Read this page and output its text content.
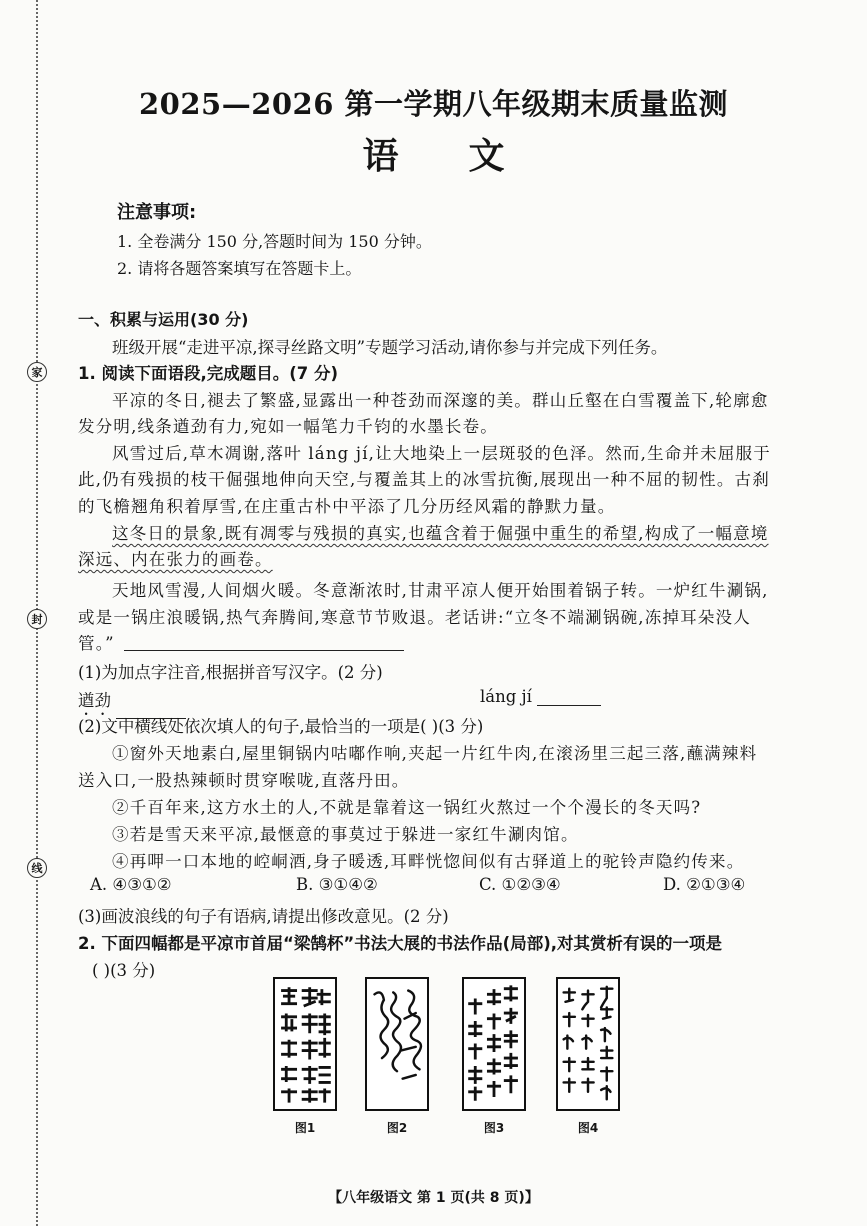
家
封
线
2025—2026 第一学期八年级期末质量监测
语文
注意事项:
1. 全卷满分 150 分,答题时间为 150 分钟。
2. 请将各题答案填写在答题卡上。
一、积累与运用(30 分)
班级开展“走进平凉,探寻丝路文明”专题学习活动,请你参与并完成下列任务。
1. 阅读下面语段,完成题目。(7 分)
平凉的冬日,褪去了繁盛,显露出一种苍劲而深邃的美。群山丘壑在白雪覆盖下,轮廓愈
发分明,线条遒劲有力,宛如一幅笔力千钧的水墨长卷。
风雪过后,草木凋谢,落叶 láng jí,让大地染上一层斑驳的色泽。然而,生命并未屈服于
此,仍有残损的枝干倔强地伸向天空,与覆盖其上的冰雪抗衡,展现出一种不屈的韧性。古刹
的飞檐翘角积着厚雪,在庄重古朴中平添了几分历经风霜的静默力量。
这冬日的景象,既有凋零与残损的真实,也蕴含着于倔强中重生的希望,构成了一幅意境
深远、内在张力的画卷。
天地风雪漫,人间烟火暖。冬意渐浓时,甘肃平凉人便开始围着锅子转。一炉红牛涮锅,
或是一锅庄浪暖锅,热气奔腾间,寒意节节败退。老话讲:“立冬不端涮锅碗,冻掉耳朵没人
管。”
(1)为加点字注音,根据拼音写汉字。(2 分)
遒劲	láng jí
(2)文中横线处依次填人的句子,最恰当的一项是( )(3 分)
①窗外天地素白,屋里铜锅内咕嘟作响,夹起一片红牛肉,在滚汤里三起三落,蘸满辣料
送入口,一股热辣顿时贯穿喉咙,直落丹田。
②千百年来,这方水土的人,不就是靠着这一锅红火熬过一个个漫长的冬天吗?
③若是雪天来平凉,最惬意的事莫过于躲进一家红牛涮肉馆。
④再呷一口本地的崆峒酒,身子暖透,耳畔恍惚间似有古驿道上的驼铃声隐约传来。
A. ④③①②	B. ③①④②	C. ①②③④	D. ②①③④
(3)画波浪线的句子有语病,请提出修改意见。(2 分)
2. 下面四幅都是平凉市首届“梁鹄杯”书法大展的书法作品(局部),对其赏析有误的一项是
( )(3 分)
图1	图2	图3	图4
【八年级语文 第 1 页(共 8 页)】
